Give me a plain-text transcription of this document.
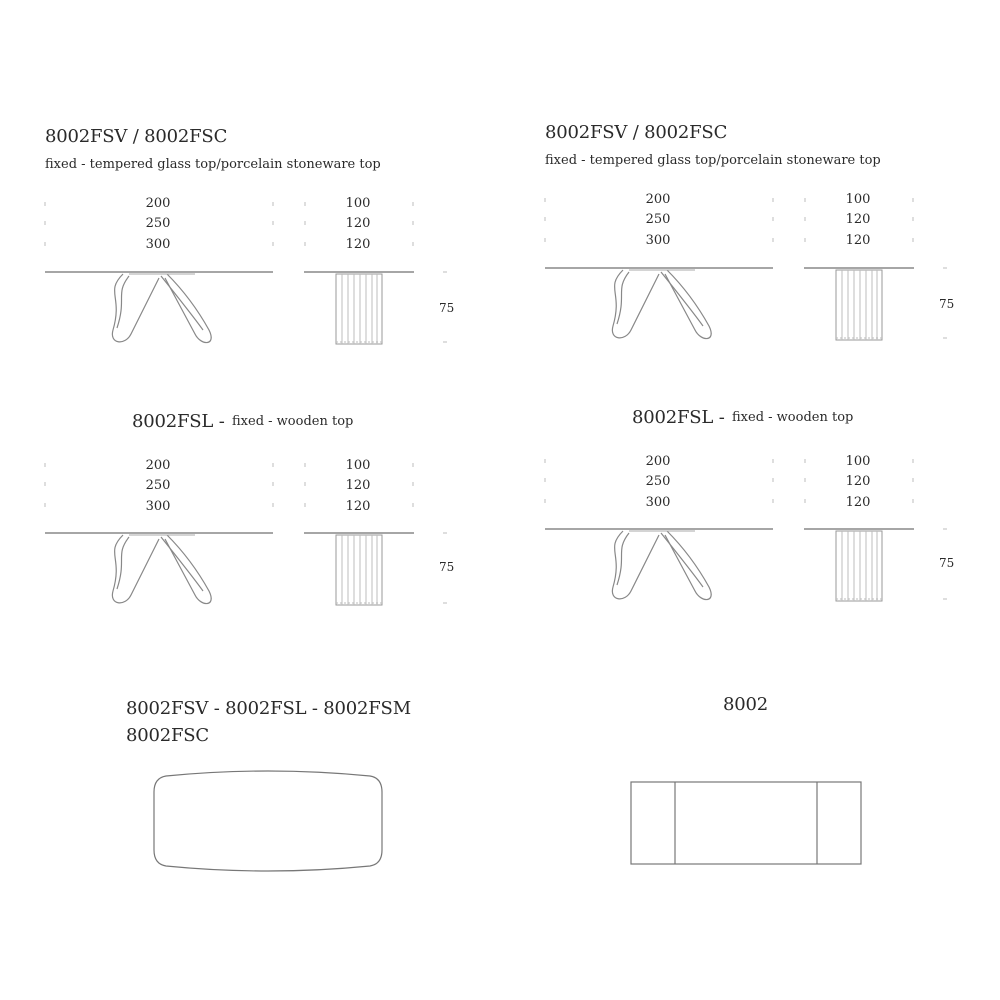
8002FSV / 8002FSC
fixed - tempered glass top/porcelain stoneware top
200
250
300
100
120
120
75
8002FSV / 8002FSC
fixed - tempered glass top/porcelain stoneware top
200
250
300
100
120
120
75
8002FSL - fixed - wooden top
200
250
300
100
120
120
75
8002FSL - fixed - wooden top
200
250
300
100
120
120
75
8002FSV - 8002FSL - 8002FSM
8002FSC
8002
